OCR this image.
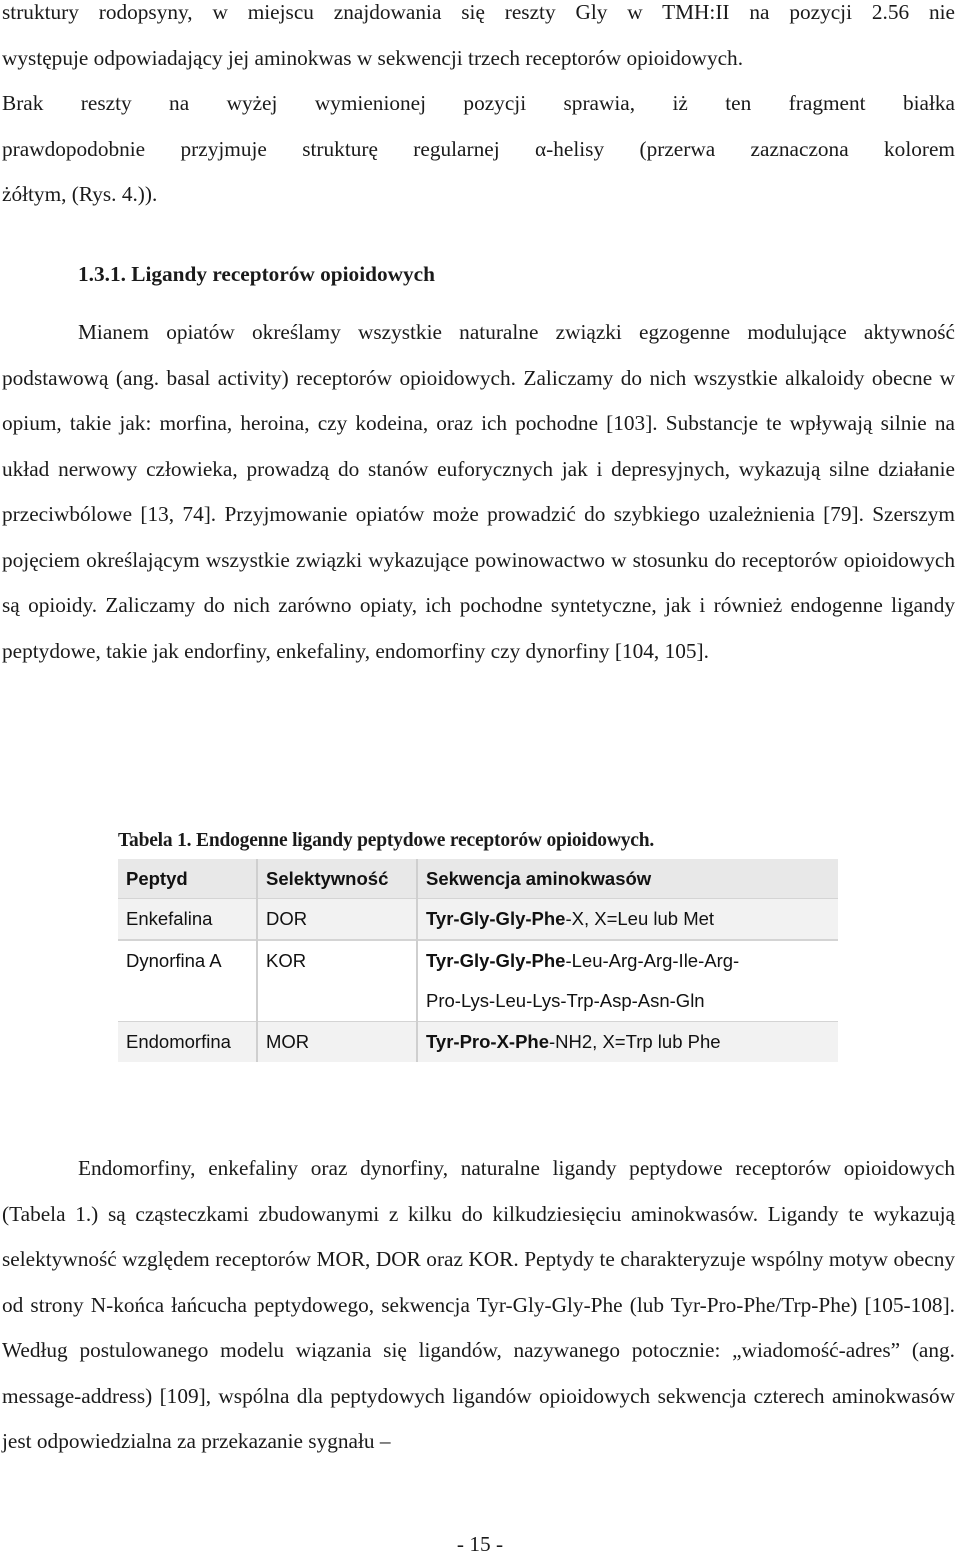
struktury rodopsyny, w miejscu znajdowania się reszty Gly w TMH:II na pozycji 2.56 nie
występuje odpowiadający jej aminokwas w sekwencji trzech receptorów opioidowych.
Brak reszty na wyżej wymienionej pozycji sprawia, iż ten fragment białka
prawdopodobnie przyjmuje strukturę regularnej α-helisy (przerwa zaznaczona kolorem
żółtym, (Rys. 4.)).
1.3.1. Ligandy receptorów opioidowych

Mianem opiatów określamy wszystkie naturalne związki egzogenne modulujące aktywność podstawową (ang. basal activity) receptorów opioidowych. Zaliczamy do nich wszystkie alkaloidy obecne w opium, takie jak: morfina, heroina, czy kodeina, oraz ich pochodne [103]. Substancje te wpływają silnie na układ nerwowy człowieka, prowadzą do stanów euforycznych jak i depresyjnych, wykazują silne działanie przeciwbólowe [13, 74]. Przyjmowanie opiatów może prowadzić do szybkiego uzależnienia [79]. Szerszym pojęciem określającym wszystkie związki wykazujące powinowactwo w stosunku do receptorów opioidowych są opioidy. Zaliczamy do nich zarówno opiaty, ich pochodne syntetyczne, jak i również endogenne ligandy peptydowe, takie jak endorfiny, enkefaliny, endomorfiny czy dynorfiny [104, 105].

Tabela 1. Endogenne ligandy peptydowe receptorów opioidowych.

Peptyd	Selektywność	Sekwencja aminokwasów
Enkefalina	DOR	Tyr-Gly-Gly-Phe-X, X=Leu lub Met

Dynorfina A	KOR	Tyr-Gly-Gly-Phe-Leu-Arg-Arg-Ile-Arg-
Pro-Lys-Leu-Lys-Trp-Asp-Asn-Gln

Endomorfina	MOR	Tyr-Pro-X-Phe-NH2, X=Trp lub Phe

Endomorfiny, enkefaliny oraz dynorfiny, naturalne ligandy peptydowe receptorów opioidowych (Tabela 1.) są cząsteczkami zbudowanymi z kilku do kilkudziesięciu aminokwasów. Ligandy te wykazują selektywność względem receptorów MOR, DOR oraz KOR. Peptydy te charakteryzuje wspólny motyw obecny od strony N-końca łańcucha peptydowego, sekwencja Tyr-Gly-Gly-Phe (lub Tyr-Pro-Phe/Trp-Phe) [105-108]. Według postulowanego modelu wiązania się ligandów, nazywanego potocznie: „wiadomość-adres” (ang. message-address) [109], wspólna dla peptydowych ligandów opioidowych sekwencja czterech aminokwasów jest odpowiedzialna za przekazanie sygnału –

- 15 -
